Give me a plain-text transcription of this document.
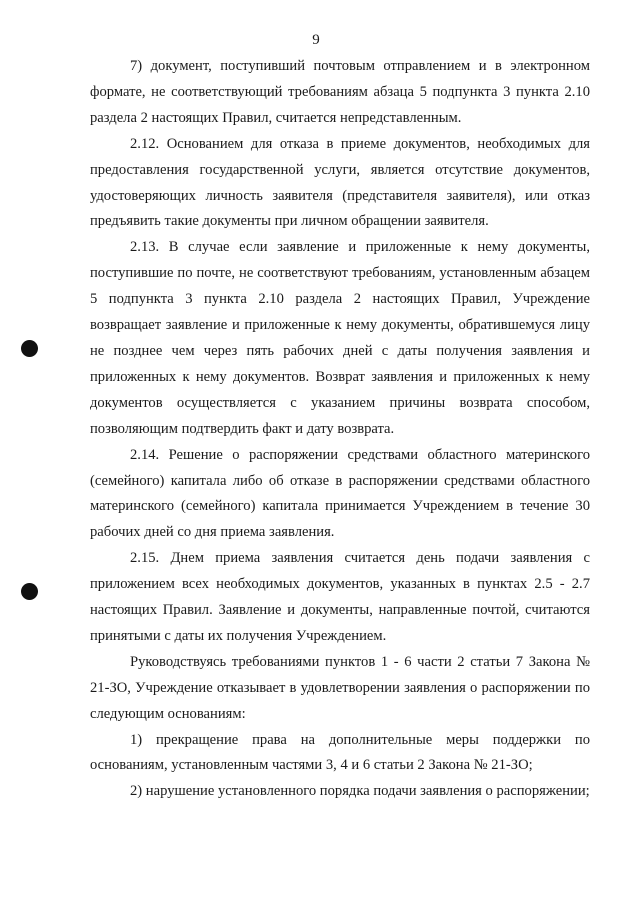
9

7) документ, поступивший почтовым отправлением и в электронном формате, не соответствующий требованиям абзаца 5 подпункта 3 пункта 2.10 раздела 2 настоящих Правил, считается непредставленным.

2.12. Основанием для отказа в приеме документов, необходимых для предоставления государственной услуги, является отсутствие документов, удостоверяющих личность заявителя (представителя заявителя), или отказ предъявить такие документы при личном обращении заявителя.

2.13. В случае если заявление и приложенные к нему документы, поступившие по почте, не соответствуют требованиям, установленным абзацем 5 подпункта 3 пункта 2.10 раздела 2 настоящих Правил, Учреждение возвращает заявление и приложенные к нему документы, обратившемуся лицу не позднее чем через пять рабочих дней с даты получения заявления и приложенных к нему документов. Возврат заявления и приложенных к нему документов осуществляется с указанием причины возврата способом, позволяющим подтвердить факт и дату возврата.

2.14. Решение о распоряжении средствами областного материнского (семейного) капитала либо об отказе в распоряжении средствами областного материнского (семейного) капитала принимается Учреждением в течение 30 рабочих дней со дня приема заявления.

2.15. Днем приема заявления считается день подачи заявления с приложением всех необходимых документов, указанных в пунктах 2.5 - 2.7 настоящих Правил. Заявление и документы, направленные почтой, считаются принятыми с даты их получения Учреждением.

Руководствуясь требованиями пунктов 1 - 6 части 2 статьи 7 Закона № 21-ЗО, Учреждение отказывает в удовлетворении заявления о распоряжении по следующим основаниям:

1) прекращение права на дополнительные меры поддержки по основаниям, установленным частями 3, 4 и 6 статьи 2 Закона № 21-ЗО;

2) нарушение установленного порядка подачи заявления о распоряжении;
